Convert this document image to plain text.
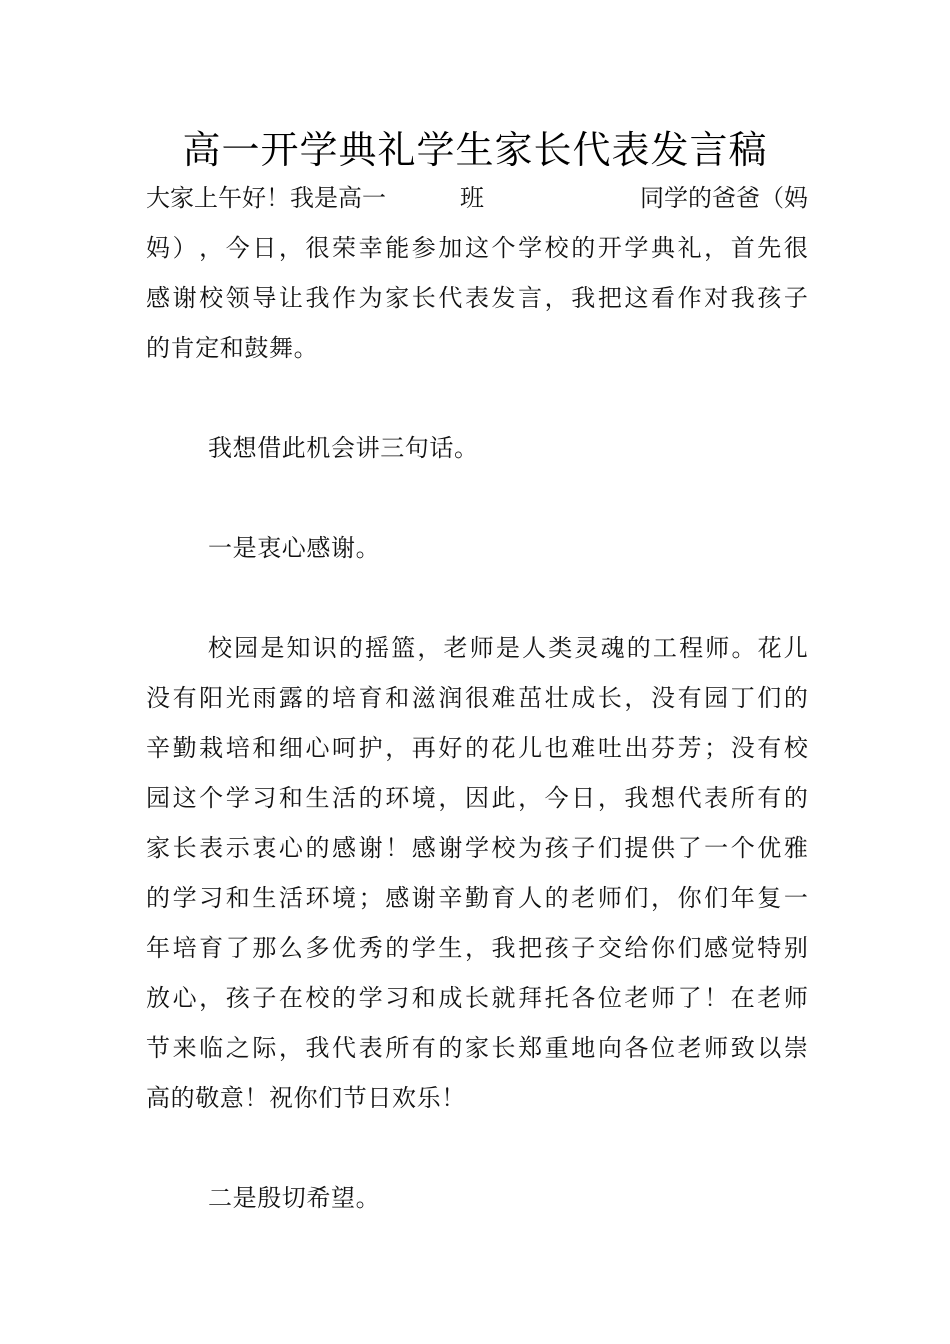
高一开学典礼学生家长代表发言稿
大家上午好！我是高一	班	同学的爸爸（妈
妈 ） ， 今 日 ， 很 荣 幸 能 参 加 这 个 学 校 的 开 学 典 礼 ， 首 先 很
感 谢 校 领 导 让 我 作 为 家 长 代 表 发 言 ， 我 把 这 看 作 对 我 孩 子
的肯定和鼓舞。
我想借此机会讲三句话。
一是衷心感谢。
校 园 是 知 识 的 摇 篮 ， 老 师 是 人 类 灵 魂 的 工 程 师 。 花 儿
没 有 阳 光 雨 露 的 培 育 和 滋 润 很 难 茁 壮 成 长 ， 没 有 园 丁 们 的
辛 勤 栽 培 和 细 心 呵 护 ， 再 好 的 花 儿 也 难 吐 出 芬 芳 ； 没 有 校
园 这 个 学 习 和 生 活 的 环 境 ， 因 此 ， 今 日 ， 我 想 代 表 所 有 的
家 长 表 示 衷 心 的 感 谢 ！ 感 谢 学 校 为 孩 子 们 提 供 了 一 个 优 雅
的 学 习 和 生 活 环 境 ； 感 谢 辛 勤 育 人 的 老 师 们 ， 你 们 年 复 一
年 培 育 了 那 么 多 优 秀 的 学 生 ， 我 把 孩 子 交 给 你 们 感 觉 特 别
放 心 ， 孩 子 在 校 的 学 习 和 成 长 就 拜 托 各 位 老 师 了 ！ 在 老 师
节 来 临 之 际 ， 我 代 表 所 有 的 家 长 郑 重 地 向 各 位 老 师 致 以 崇
高的敬意！祝你们节日欢乐！
二是殷切希望。
